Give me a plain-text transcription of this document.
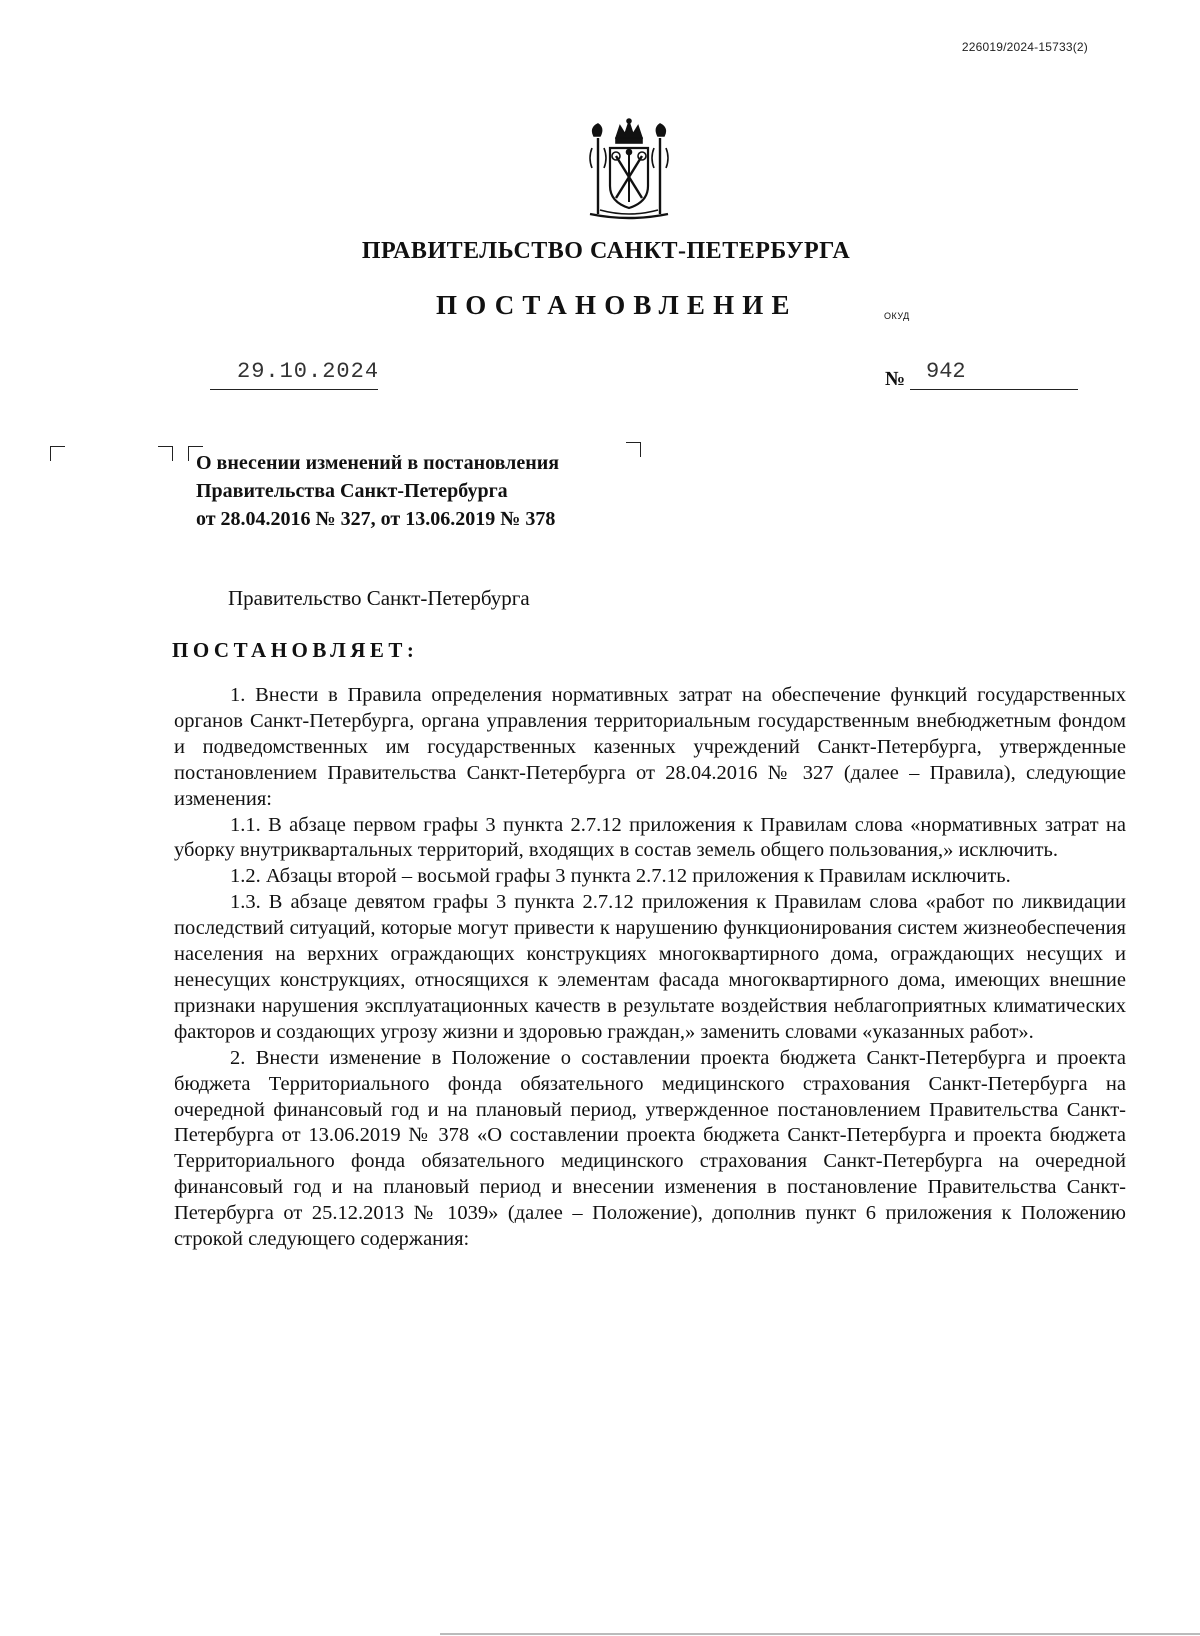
226019/2024-15733(2)
ПРАВИТЕЛЬСТВО САНКТ-ПЕТЕРБУРГА
ПОСТАНОВЛЕНИЕ	ОКУД
29.10.2024	№ 942
О внесении изменений в постановления
Правительства Санкт-Петербурга
от 28.04.2016 № 327, от 13.06.2019 № 378
Правительство Санкт-Петербурга
ПОСТАНОВЛЯЕТ:

1. Внести в Правила определения нормативных затрат на обеспечение функций государственных органов Санкт-Петербурга, органа управления территориальным государственным внебюджетным фондом и подведомственных им государственных казенных учреждений Санкт-Петербурга, утвержденные постановлением Правительства Санкт-Петербурга от 28.04.2016 № 327 (далее – Правила), следующие изменения:

1.1. В абзаце первом графы 3 пункта 2.7.12 приложения к Правилам слова «нормативных затрат на уборку внутриквартальных территорий, входящих в состав земель общего пользования,» исключить.

1.2. Абзацы второй – восьмой графы 3 пункта 2.7.12 приложения к Правилам исключить.

1.3. В абзаце девятом графы 3 пункта 2.7.12 приложения к Правилам слова «работ по ликвидации последствий ситуаций, которые могут привести к нарушению функционирования систем жизнеобеспечения населения на верхних ограждающих конструкциях многоквартирного дома, ограждающих несущих и ненесущих конструкциях, относящихся к элементам фасада многоквартирного дома, имеющих внешние признаки нарушения эксплуатационных качеств в результате воздействия неблагоприятных климатических факторов и создающих угрозу жизни и здоровью граждан,» заменить словами «указанных работ».

2. Внести изменение в Положение о составлении проекта бюджета Санкт-Петербурга и проекта бюджета Территориального фонда обязательного медицинского страхования Санкт-Петербурга на очередной финансовый год и на плановый период, утвержденное постановлением Правительства Санкт-Петербурга от 13.06.2019 № 378 «О составлении проекта бюджета Санкт-Петербурга и проекта бюджета Территориального фонда обязательного медицинского страхования Санкт-Петербурга на очередной финансовый год и на плановый период и внесении изменения в постановление Правительства Санкт-Петербурга от 25.12.2013 № 1039» (далее – Положение), дополнив пункт 6 приложения к Положению строкой следующего содержания:
